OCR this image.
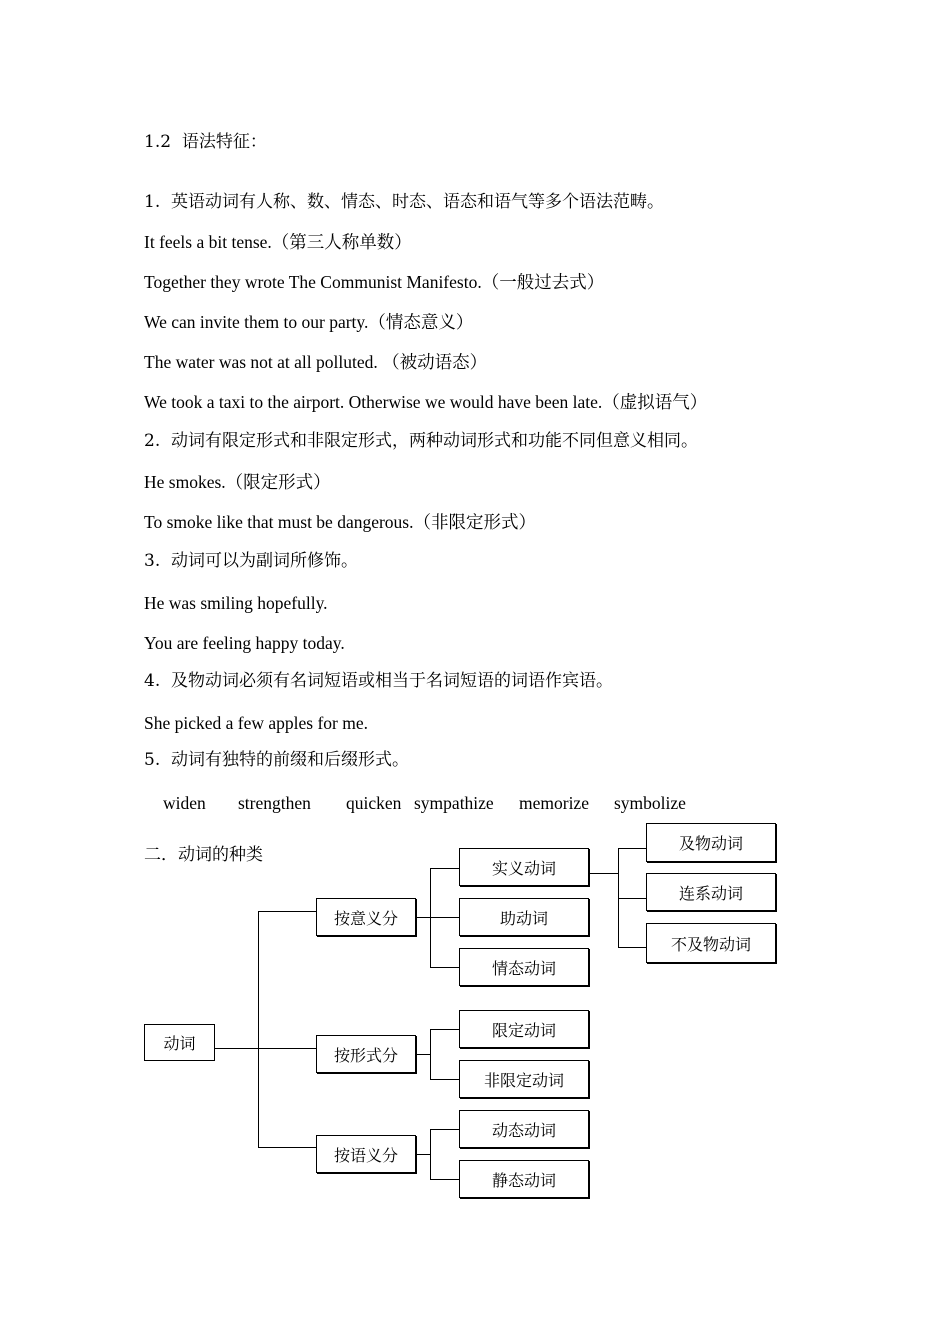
1.2  语法特征：
1.  英语动词有人称、数、情态、时态、语态和语气等多个语法范畴。
It feels a bit tense.（第三人称单数）
Together they wrote The Communist Manifesto.（一般过去式）
We can invite them to our party.（情态意义）
The water was not at all polluted. （被动语态）
We took a taxi to the airport. Otherwise we would have been late.（虚拟语气）
2.  动词有限定形式和非限定形式，两种动词形式和功能不同但意义相同。
He smokes.（限定形式）
To smoke like that must be dangerous.（非限定形式）
3.  动词可以为副词所修饰。
He was smiling hopefully.
You are feeling happy today.
4.  及物动词必须有名词短语或相当于名词短语的词语作宾语。
She picked a few apples for me.
5.  动词有独特的前缀和后缀形式。
widen strengthen quicken sympathize memorize symbolize
二．动词的种类
动词
按意义分
按形式分
按语义分
实义动词
助动词
情态动词
及物动词
连系动词
不及物动词
限定动词
非限定动词
动态动词
静态动词
